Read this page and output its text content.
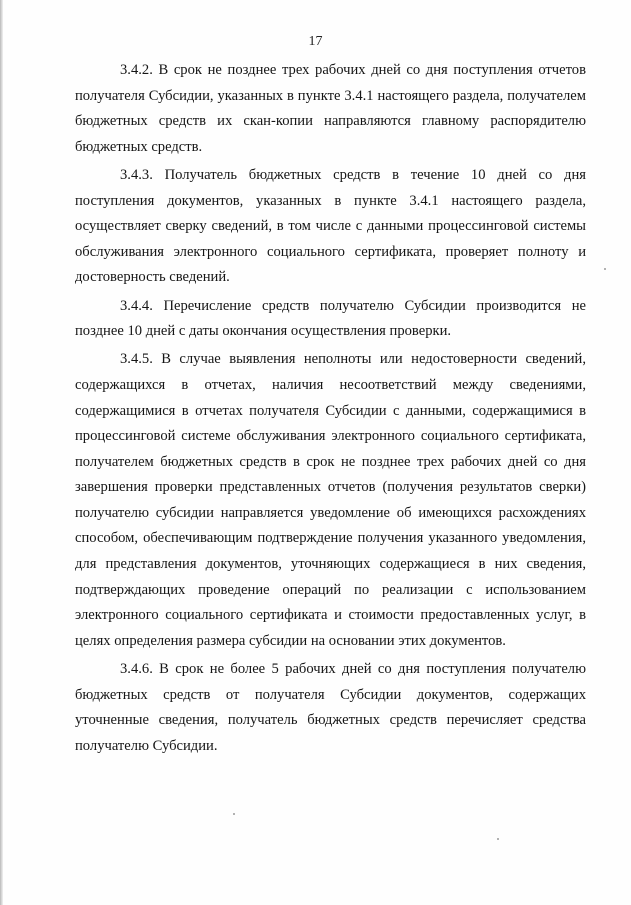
17

3.4.2. В срок не позднее трех рабочих дней со дня поступления отчетов получателя Субсидии, указанных в пункте 3.4.1 настоящего раздела, получателем бюджетных средств их скан-копии направляются главному распорядителю бюджетных средств.

3.4.3. Получатель бюджетных средств в течение 10 дней со дня поступления документов, указанных в пункте 3.4.1 настоящего раздела, осуществляет сверку сведений, в том числе с данными процессинговой системы обслуживания электронного социального сертификата, проверяет полноту и достоверность сведений.

3.4.4. Перечисление средств получателю Субсидии производится не позднее 10 дней с даты окончания осуществления проверки.

3.4.5. В случае выявления неполноты или недостоверности сведений, содержащихся в отчетах, наличия несоответствий между сведениями, содержащимися в отчетах получателя Субсидии с данными, содержащимися в процессинговой системе обслуживания электронного социального сертификата, получателем бюджетных средств в срок не позднее трех рабочих дней со дня завершения проверки представленных отчетов (получения результатов сверки) получателю субсидии направляется уведомление об имеющихся расхождениях способом, обеспечивающим подтверждение получения указанного уведомления, для представления документов, уточняющих содержащиеся в них сведения, подтверждающих проведение операций по реализации с использованием электронного социального сертификата и стоимости предоставленных услуг, в целях определения размера субсидии на основании этих документов.

3.4.6. В срок не более 5 рабочих дней со дня поступления получателю бюджетных средств от получателя Субсидии документов, содержащих уточненные сведения, получатель бюджетных средств перечисляет средства получателю Субсидии.
